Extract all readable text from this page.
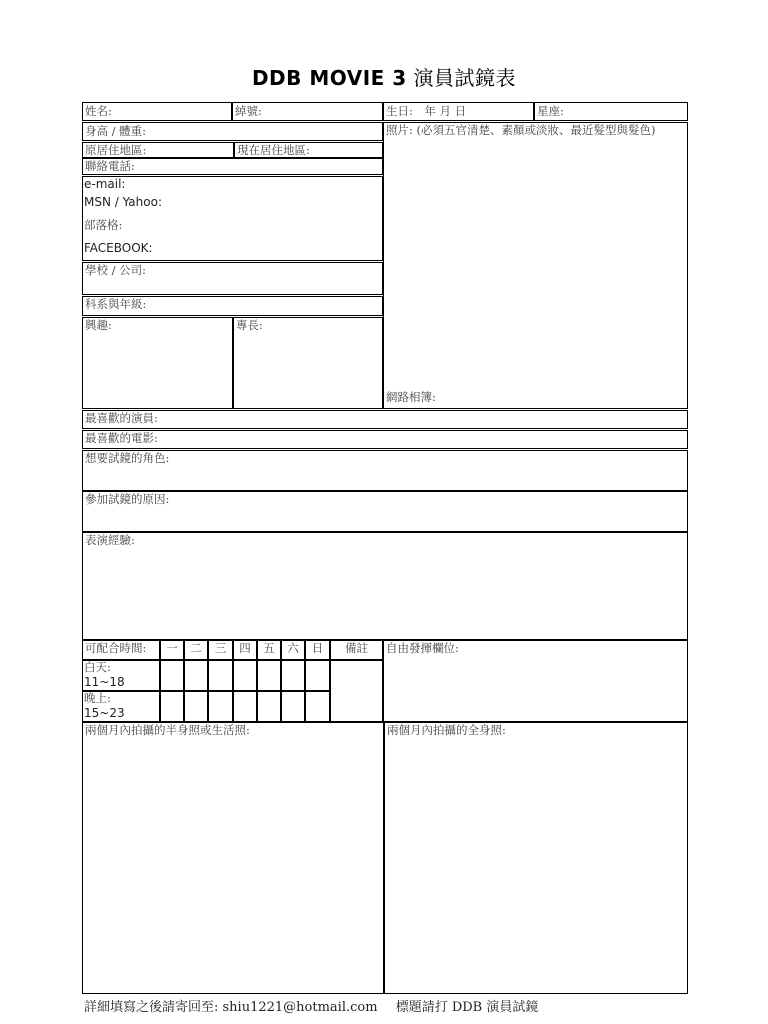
DDB MOVIE 3 演員試鏡表
姓名:	綽號:	生日:　年 月 日	星座:
身高 / 體重:
原居住地區:	現在居住地區:
聯絡電話:
e-mail:
MSN / Yahoo:
部落格:
FACEBOOK:
學校 / 公司:
科系與年級:
興趣:	專長:
照片: (必須五官清楚、素顏或淡妝、最近髮型與髮色)
網路相簿:
最喜歡的演員:
最喜歡的電影:
想要試鏡的角色:
參加試鏡的原因:
表演經驗:
可配合時間:	一	二	三	四	五	六	日	備註
白天:
11~18
晚上:
15~23
自由發揮欄位:
兩個月內拍攝的半身照或生活照:	兩個月內拍攝的全身照:
詳細填寫之後請寄回至: shiu1221@hotmail.com 標題請打 DDB 演員試鏡
